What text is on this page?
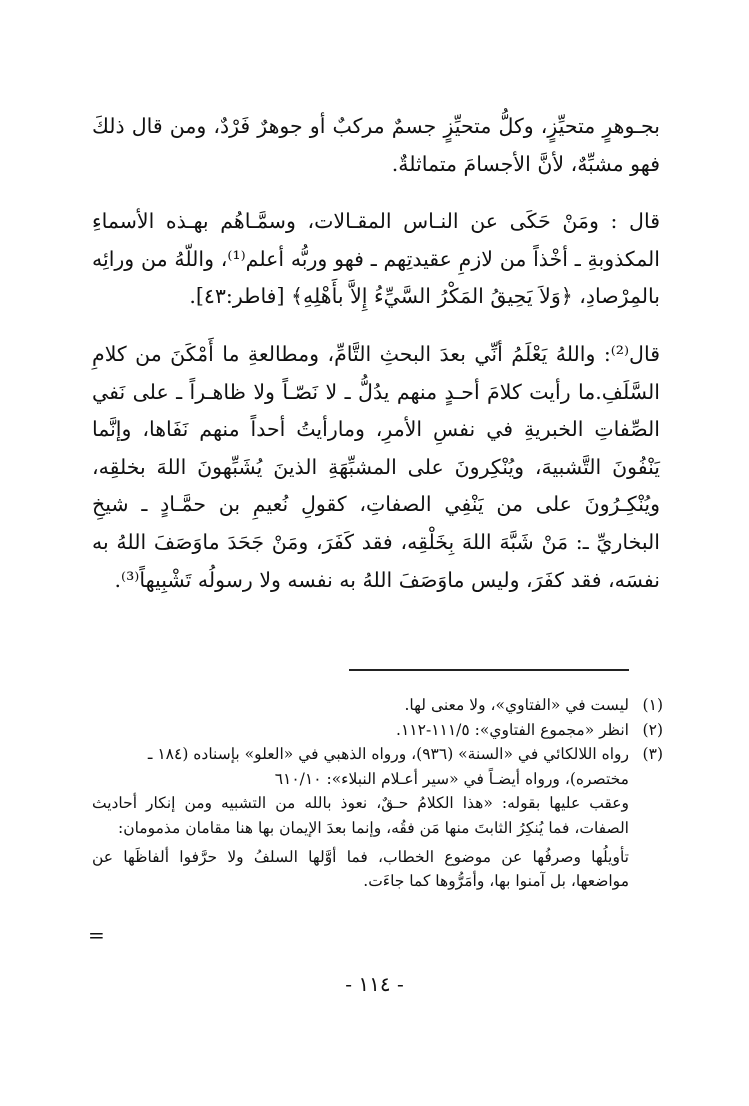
بجـوهرٍ متحيِّزٍ، وكلُّ متحيِّزٍ جسمٌ مركبٌ أو جوهرٌ فَرْدٌ، ومن قال ذلكَ فهو مشبِّهٌ، لأنَّ الأجسامَ متماثلةٌ.

قال : ومَنْ حَكَى عن النـاس المقـالات، وسمَّـاهُم بهـذه الأسماءِ المكذوبةِ ـ أخْذاً من لازمِ عقيدتِهم ـ فهو وربُّه أعلم⁽¹⁾، واللّهُ من ورائِه بالمِرْصادِ، ﴿وَلاَ يَحِيقُ المَكْرُ السَّيِّءُ إِلاَّ بأَهْلِهِ﴾ [فاطر:٤٣].

قال⁽²⁾: واللهُ يَعْلَمُ أنِّي بعدَ البحثِ التَّامِّ، ومطالعةِ ما أَمْكَنَ من كلامِ السَّلَفِ.ما رأيت كلامَ أحـدٍ منهم يدُلُّ ـ لا نَصّـاً ولا ظاهـراً ـ على نَفي الصِّفاتِ الخبريةِ في نفسِ الأمرِ، ومارأيتُ أحداً منهم نَفَاها، وإنَّما يَنْفُونَ التَّشبيهَ، ويُنْكِرونَ على المشبِّهَةِ الذينَ يُشَبِّهونَ اللهَ بخلقِه، ويُنْكِـرُونَ على من يَنْفِي الصفاتِ، كقولِ نُعيمِ بن حمَّـادٍ ـ شيخِ البخاريِّ ـ: مَنْ شَبَّهَ اللهَ بِخَلْقِه، فقد كَفَرَ، ومَنْ جَحَدَ ماوَصَفَ اللهُ به نفسَه، فقد كفَرَ، وليس ماوَصَفَ اللهُ به نفسه ولا رسولُه تَشْبِيهاً⁽³⁾.

(١)
ليست في «الفتاوي»، ولا معنى لها.

(٢)
انظر «مجموع الفتاوي»: ١١١/٥-١١٢.

(٣)
رواه اللالكائي في «السنة» (٩٣٦)، ورواه الذهبي في «العلو» بإسناده (١٨٤ ـ مختصره)، ورواه أيضـاً في «سير أعـلام النبلاء»: ٦١٠/١٠

وعقب عليها بقوله: «هذا الكلامُ حـقٌ، نعوذ بالله من التشبيه ومن إنكار أحاديث الصفات، فما يُنكِرُ الثابتَ منها مَن فقُه، وإنما بعدَ الإيمان بها هنا مقامان مذمومان:

تأويلُها وصرفُها عن موضوع الخطاب، فما أوَّلها السلفُ ولا حرَّفوا ألفاظَها عن مواضعها، بل آمنوا بها، وأمَرُّوها كما جاءَت.

=
- ١١٤ -
